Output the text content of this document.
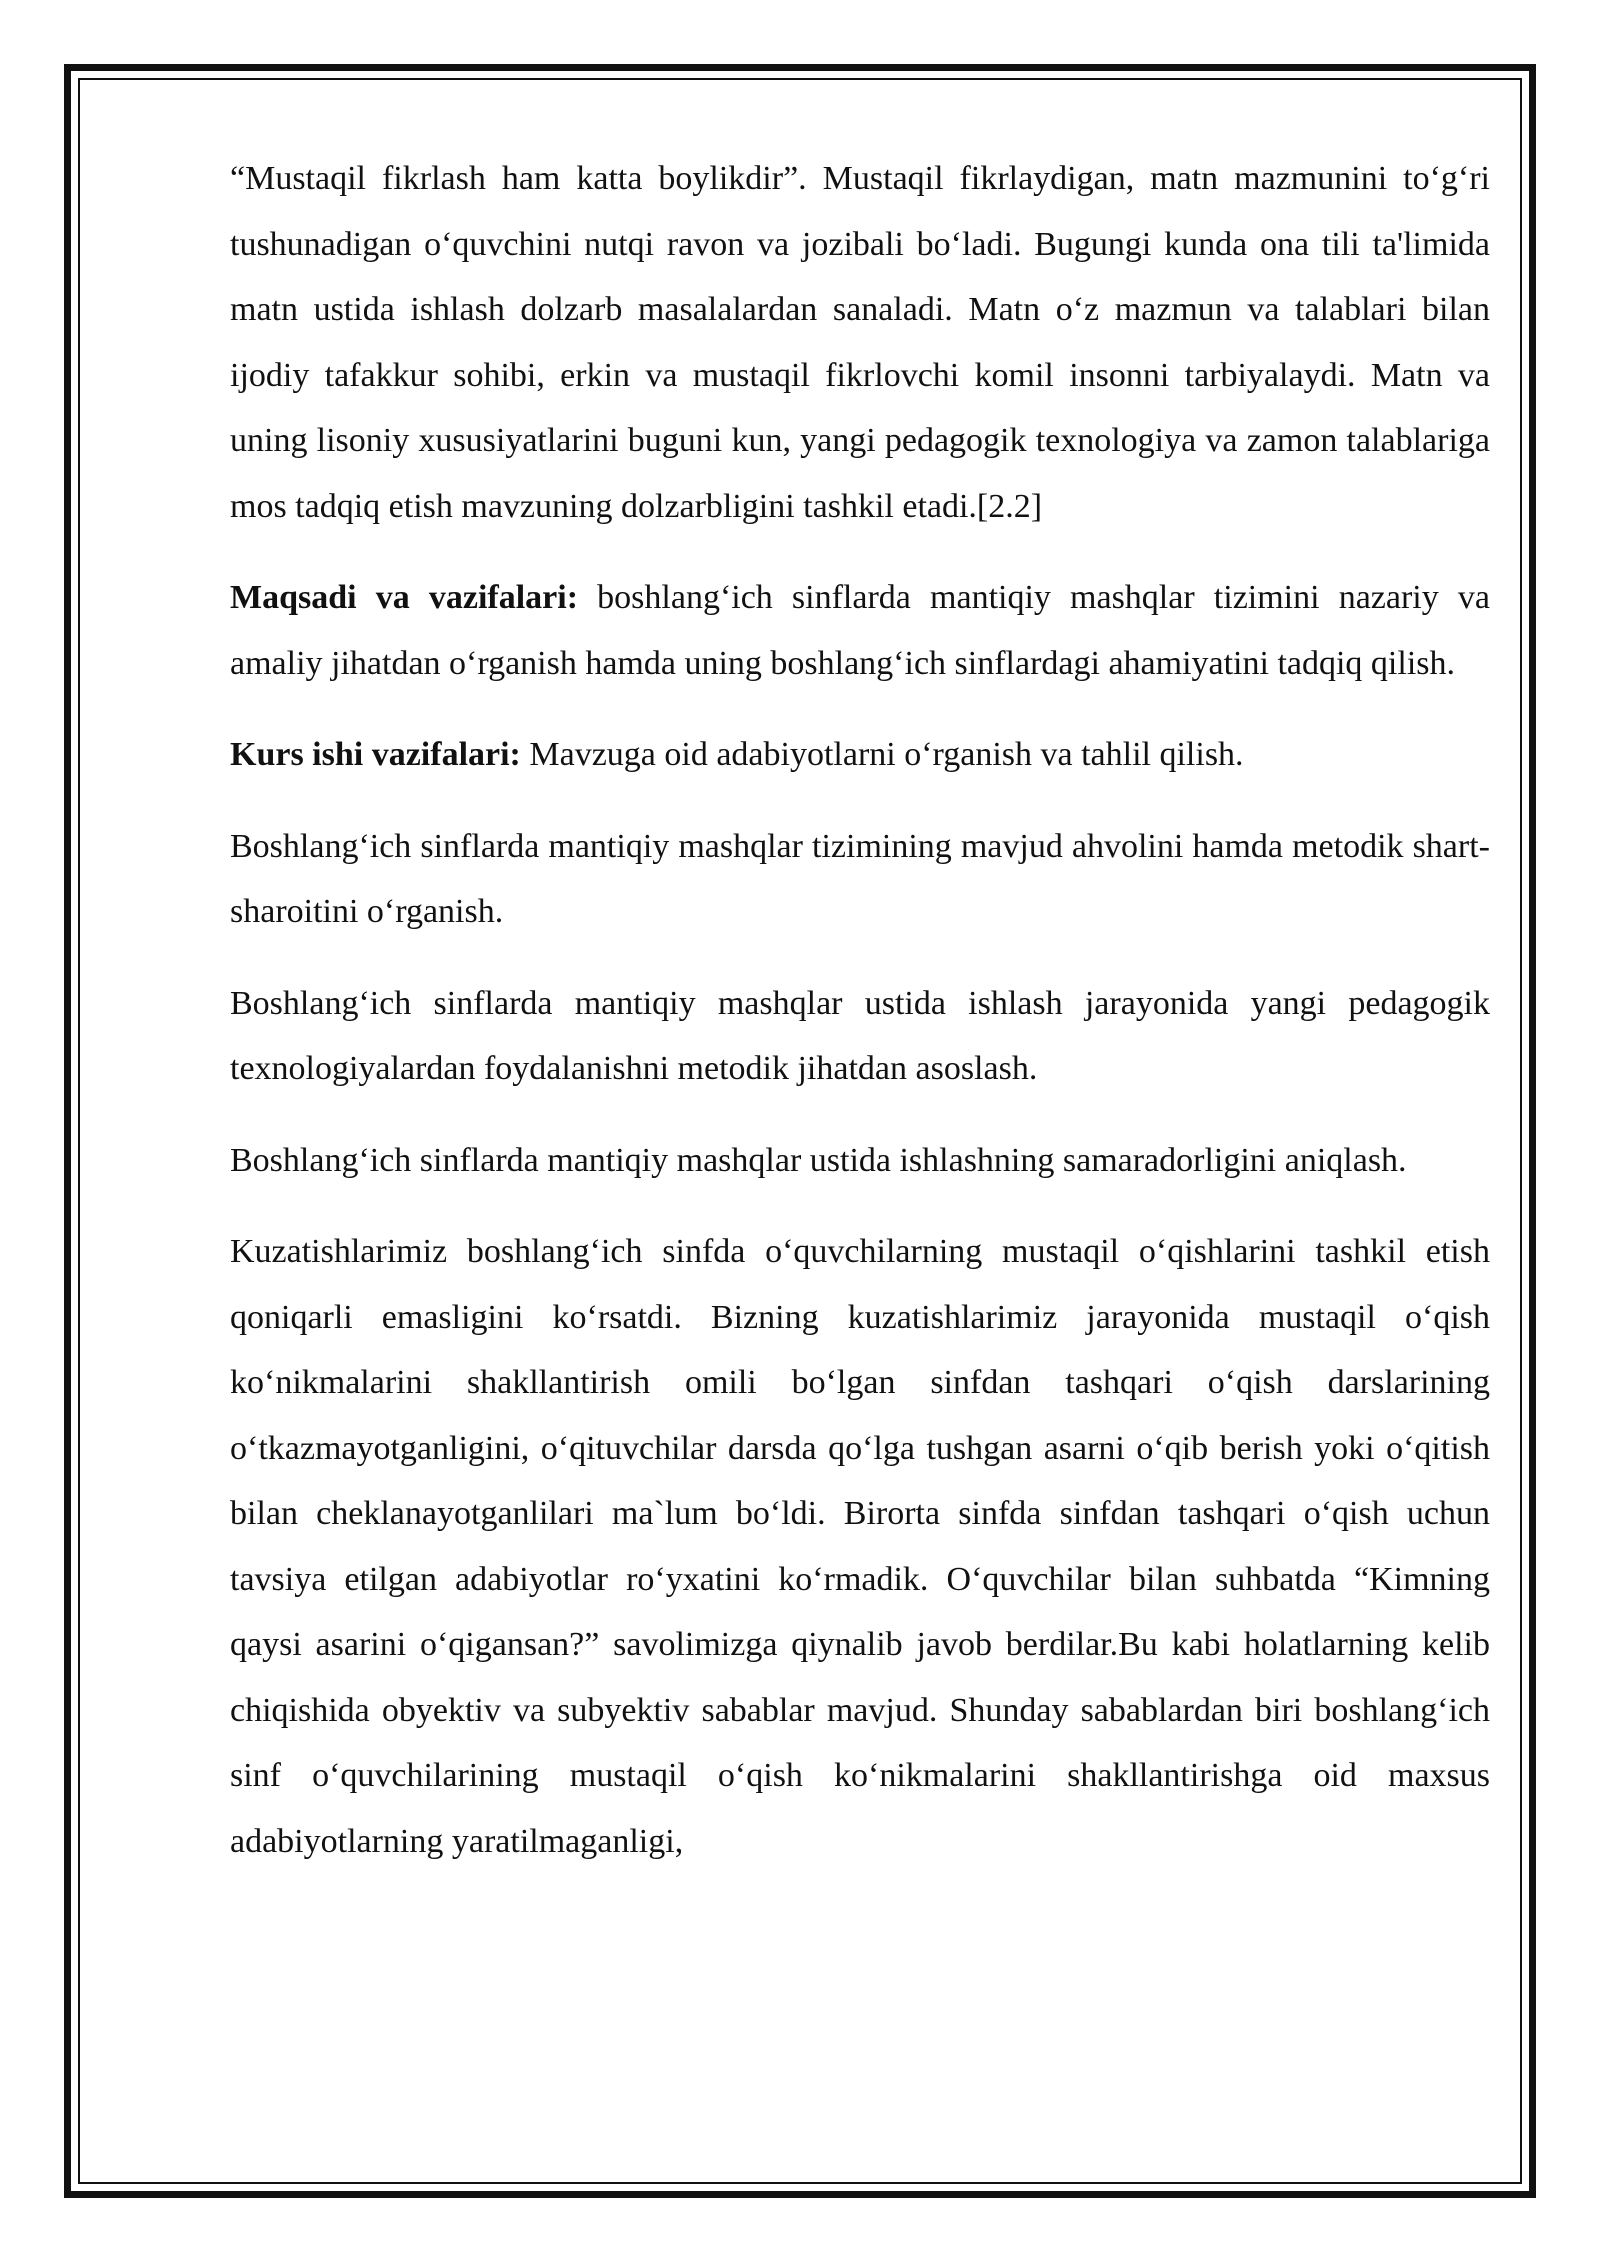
“Mustaqil fikrlash ham katta boylikdir”. Mustaqil fikrlaydigan, matn mazmunini to‘g‘ri tushunadigan o‘quvchini nutqi ravon va jozibali bo‘ladi. Bugungi kunda ona tili ta'limida matn ustida ishlash dolzarb masalalardan sanaladi. Matn o‘z mazmun va talablari bilan ijodiy tafakkur sohibi, erkin va mustaqil fikrlovchi komil insonni tarbiyalaydi. Matn va uning lisoniy xususiyatlarini buguni kun, yangi pedagogik texnologiya va zamon talablariga mos tadqiq etish mavzuning dolzarbligini tashkil etadi.[2.2]

Maqsadi va vazifalari: boshlang‘ich sinflarda mantiqiy mashqlar tizimini nazariy va amaliy jihatdan o‘rganish hamda uning boshlang‘ich sinflardagi ahamiyatini tadqiq qilish.

Kurs ishi vazifalari: Mavzuga oid adabiyotlarni o‘rganish va tahlil qilish.

Boshlang‘ich sinflarda mantiqiy mashqlar tizimining mavjud ahvolini hamda metodik shart-sharoitini o‘rganish.

Boshlang‘ich sinflarda mantiqiy mashqlar ustida ishlash jarayonida yangi pedagogik texnologiyalardan foydalanishni metodik jihatdan asoslash.

Boshlang‘ich sinflarda mantiqiy mashqlar ustida ishlashning samaradorligini aniqlash.

Kuzatishlarimiz boshlang‘ich sinfda o‘quvchilarning mustaqil o‘qishlarini tashkil etish qoniqarli emasligini ko‘rsatdi. Bizning kuzatishlarimiz jarayonida mustaqil o‘qish ko‘nikmalarini shakllantirish omili bo‘lgan sinfdan tashqari o‘qish darslarining o‘tkazmayotganligini, o‘qituvchilar darsda qo‘lga tushgan asarni o‘qib berish yoki o‘qitish bilan cheklanayotganlilari ma`lum bo‘ldi. Birorta sinfda sinfdan tashqari o‘qish uchun tavsiya etilgan adabiyotlar ro‘yxatini ko‘rmadik. O‘quvchilar bilan suhbatda “Kimning qaysi asarini o‘qigansan?” savolimizga qiynalib javob berdilar.Bu kabi holatlarning kelib chiqishida obyektiv va subyektiv sabablar mavjud. Shunday sabablardan biri boshlang‘ich sinf o‘quvchilarining mustaqil o‘qish ko‘nikmalarini shakllantirishga oid maxsus adabiyotlarning yaratilmaganligi,
